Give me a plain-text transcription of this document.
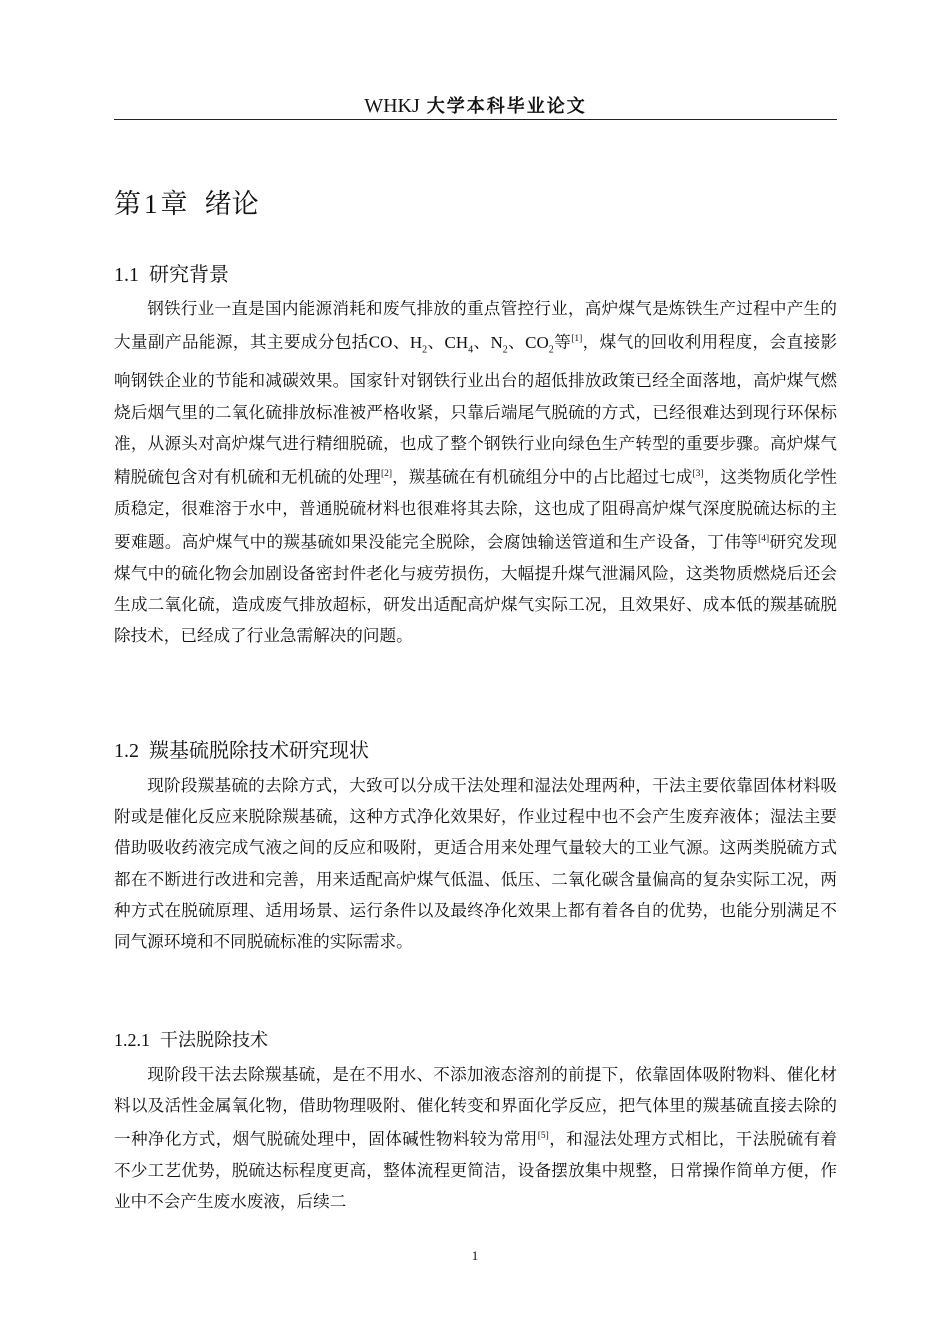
WHKJ 大学本科毕业论文
第 1 章 绪论
1.1 研究背景

钢铁行业一直是国内能源消耗和废气排放的重点管控行业，高炉煤气是炼铁生产过程中产生的大量副产品能源，其主要成分包括CO、$H_2$、$CH_4$、$N_2$、$CO_2$等[1]，煤气的回收利用程度，会直接影响钢铁企业的节能和减碳效果。国家针对钢铁行业出台的超低排放政策已经全面落地，高炉煤气燃烧后烟气里的二氧化硫排放标准被严格收紧，只靠后端尾气脱硫的方式，已经很难达到现行环保标准，从源头对高炉煤气进行精细脱硫，也成了整个钢铁行业向绿色生产转型的重要步骤。高炉煤气精脱硫包含对有机硫和无机硫的处理[2]，羰基硫在有机硫组分中的占比超过七成[3]，这类物质化学性质稳定，很难溶于水中，普通脱硫材料也很难将其去除，这也成了阻碍高炉煤气深度脱硫达标的主要难题。高炉煤气中的羰基硫如果没能完全脱除，会腐蚀输送管道和生产设备，丁伟等[4]研究发现煤气中的硫化物会加剧设备密封件老化与疲劳损伤，大幅提升煤气泄漏风险，这类物质燃烧后还会生成二氧化硫，造成废气排放超标，研发出适配高炉煤气实际工况，且效果好、成本低的羰基硫脱除技术，已经成了行业急需解决的问题。

1.2 羰基硫脱除技术研究现状

现阶段羰基硫的去除方式，大致可以分成干法处理和湿法处理两种，干法主要依靠固体材料吸附或是催化反应来脱除羰基硫，这种方式净化效果好，作业过程中也不会产生废弃液体；湿法主要借助吸收药液完成气液之间的反应和吸附，更适合用来处理气量较大的工业气源。这两类脱硫方式都在不断进行改进和完善，用来适配高炉煤气低温、低压、二氧化碳含量偏高的复杂实际工况，两种方式在脱硫原理、适用场景、运行条件以及最终净化效果上都有着各自的优势，也能分别满足不同气源环境和不同脱硫标准的实际需求。

1.2.1 干法脱除技术

现阶段干法去除羰基硫，是在不用水、不添加液态溶剂的前提下，依靠固体吸附物料、催化材料以及活性金属氧化物，借助物理吸附、催化转变和界面化学反应，把气体里的羰基硫直接去除的一种净化方式，烟气脱硫处理中，固体碱性物料较为常用[5]，和湿法处理方式相比，干法脱硫有着不少工艺优势，脱硫达标程度更高，整体流程更简洁，设备摆放集中规整，日常操作简单方便，作业中不会产生废水废液，后续二

1
